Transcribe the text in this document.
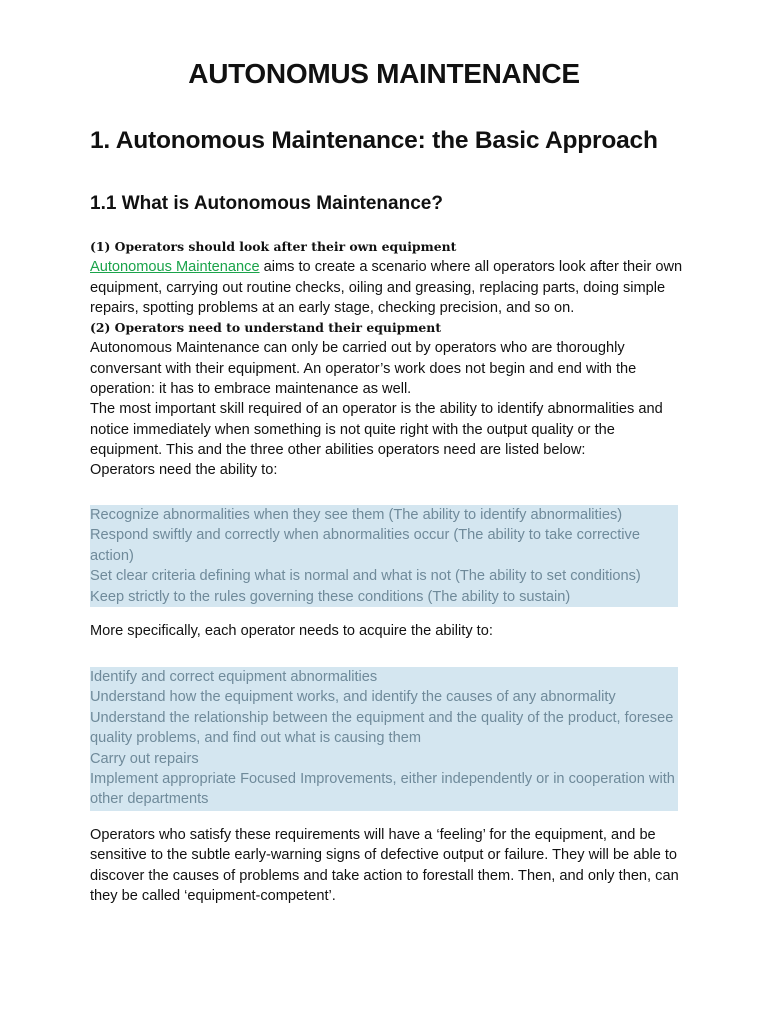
AUTONOMUS MAINTENANCE
1. Autonomous Maintenance: the Basic Approach
1.1 What is Autonomous Maintenance?
(1) Operators should look after their own equipment
Autonomous Maintenance aims to create a scenario where all operators look after their own equipment, carrying out routine checks, oiling and greasing, replacing parts, doing simple repairs, spotting problems at an early stage, checking precision, and so on.
(2) Operators need to understand their equipment
Autonomous Maintenance can only be carried out by operators who are thoroughly conversant with their equipment. An operator’s work does not begin and end with the operation: it has to embrace maintenance as well.
The most important skill required of an operator is the ability to identify abnormalities and notice immediately when something is not quite right with the output quality or the equipment. This and the three other abilities operators need are listed below:
Operators need the ability to:
Recognize abnormalities when they see them (The ability to identify abnormalities)
Respond swiftly and correctly when abnormalities occur (The ability to take corrective action)
Set clear criteria defining what is normal and what is not (The ability to set conditions)
Keep strictly to the rules governing these conditions (The ability to sustain)

More specifically, each operator needs to acquire the ability to:

Identify and correct equipment abnormalities
Understand how the equipment works, and identify the causes of any abnormality
Understand the relationship between the equipment and the quality of the product, foresee quality problems, and find out what is causing them
Carry out repairs
Implement appropriate Focused Improvements, either independently or in cooperation with other departments

Operators who satisfy these requirements will have a ‘feeling’ for the equipment, and be sensitive to the subtle early-warning signs of defective output or failure. They will be able to discover the causes of problems and take action to forestall them. Then, and only then, can they be called ‘equipment-competent’.
